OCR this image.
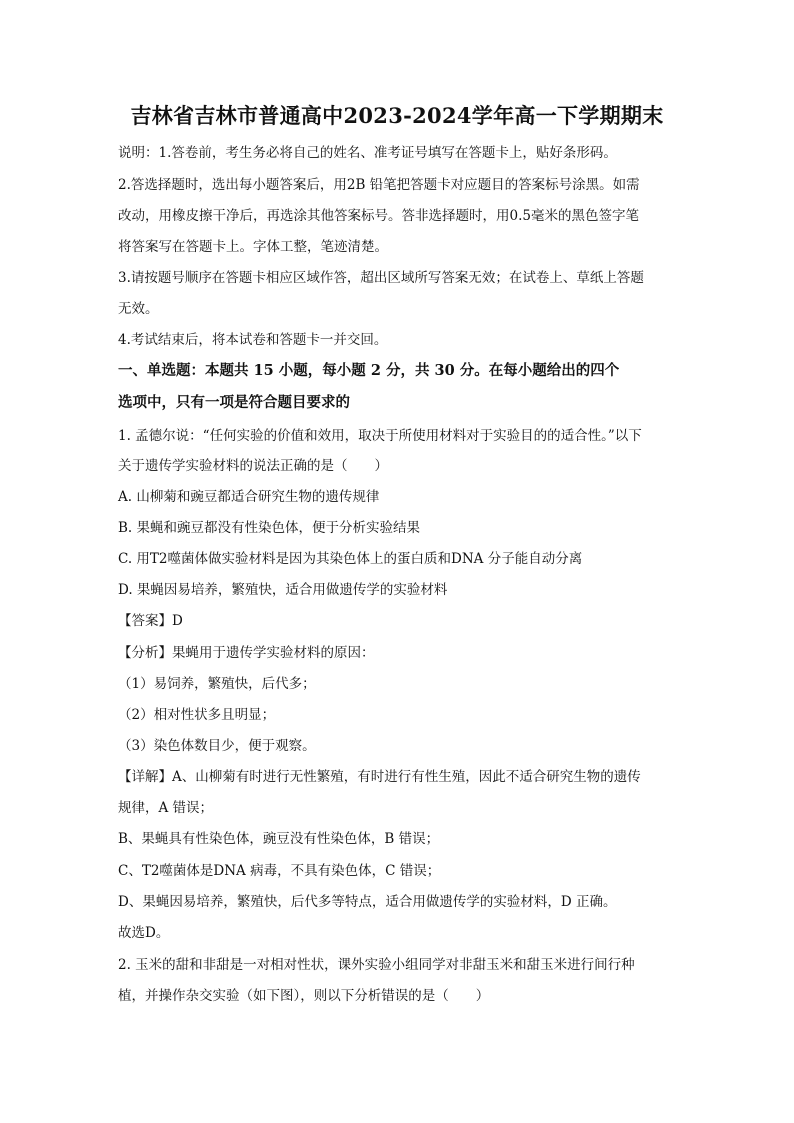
吉林省吉林市普通高中2023-2024学年高一下学期期末
说明：1.答卷前，考生务必将自己的姓名、准考证号填写在答题卡上，贴好条形码。
2.答选择题时，选出每小题答案后，用2B 铅笔把答题卡对应题目的答案标号涂黑。如需
改动，用橡皮擦干净后，再选涂其他答案标号。答非选择题时，用0.5毫米的黑色签字笔
将答案写在答题卡上。字体工整，笔迹清楚。
3.请按题号顺序在答题卡相应区域作答，超出区域所写答案无效；在试卷上、草纸上答题
无效。
4.考试结束后，将本试卷和答题卡一并交回。
一、单选题：本题共 15 小题，每小题 2 分，共 30 分。在每小题给出的四个
选项中，只有一项是符合题目要求的
1. 孟德尔说：“任何实验的价值和效用，取决于所使用材料对于实验目的的适合性。”以下
关于遗传学实验材料的说法正确的是（　　）
A. 山柳菊和豌豆都适合研究生物的遗传规律
B. 果蝇和豌豆都没有性染色体，便于分析实验结果
C. 用T2噬菌体做实验材料是因为其染色体上的蛋白质和DNA 分子能自动分离
D. 果蝇因易培养，繁殖快，适合用做遗传学的实验材料
【答案】D
【分析】果蝇用于遗传学实验材料的原因：
（1）易饲养，繁殖快，后代多；
（2）相对性状多且明显；
（3）染色体数目少，便于观察。
【详解】A、山柳菊有时进行无性繁殖，有时进行有性生殖，因此不适合研究生物的遗传
规律，A 错误；
B、果蝇具有性染色体，豌豆没有性染色体，B 错误；
C、T2噬菌体是DNA 病毒，不具有染色体，C 错误；
D、果蝇因易培养，繁殖快，后代多等特点，适合用做遗传学的实验材料，D 正确。
故选D。
2. 玉米的甜和非甜是一对相对性状，课外实验小组同学对非甜玉米和甜玉米进行间行种
植，并操作杂交实验（如下图），则以下分析错误的是（　　）
